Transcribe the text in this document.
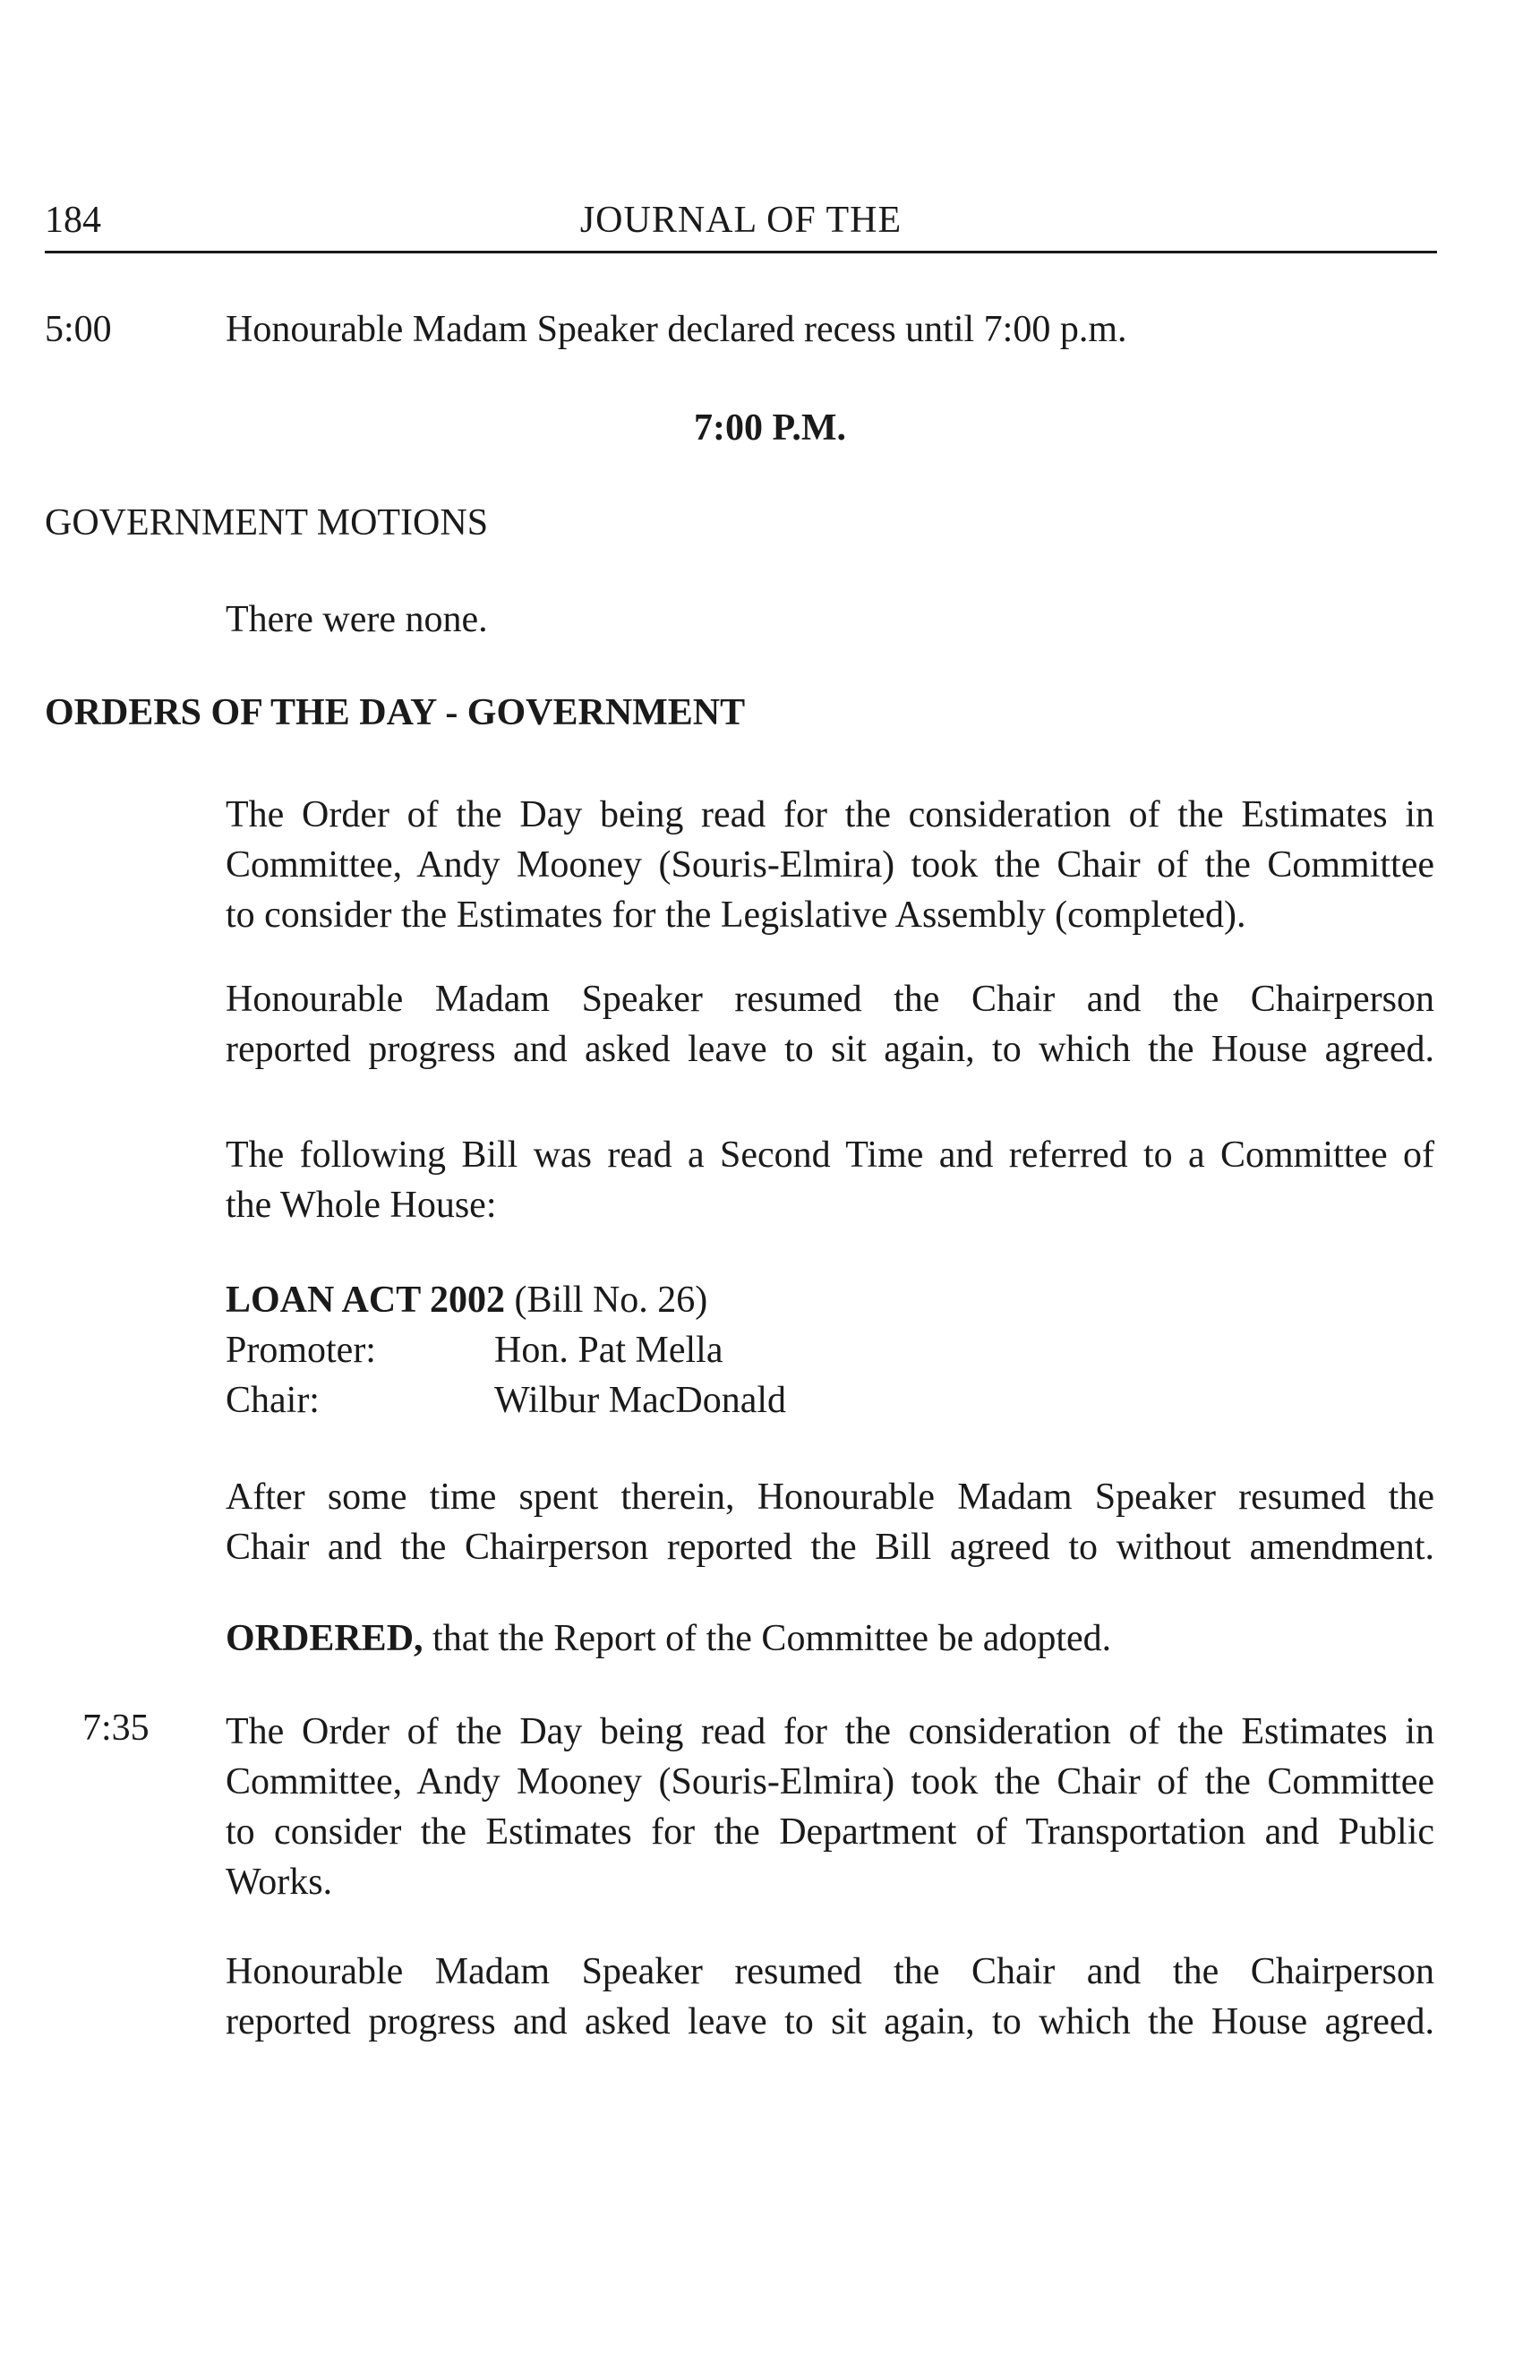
184	JOURNAL OF THE
5:00	Honourable Madam Speaker declared recess until 7:00 p.m.
7:00 P.M.
GOVERNMENT MOTIONS
There were none.
ORDERS OF THE DAY - GOVERNMENT
The Order of the Day being read for the consideration of the Estimates in
Committee, Andy Mooney (Souris-Elmira) took the Chair of the Committee
to consider the Estimates for the Legislative Assembly (completed).
Honourable Madam Speaker resumed the Chair and the Chairperson
reported progress and asked leave to sit again, to which the House agreed.
The following Bill was read a Second Time and referred to a Committee of
the Whole House:
LOAN ACT 2002 (Bill No. 26)
Promoter:	Hon. Pat Mella
Chair:	Wilbur MacDonald
After some time spent therein, Honourable Madam Speaker resumed the
Chair and the Chairperson reported the Bill agreed to without amendment.
ORDERED, that the Report of the Committee be adopted.
7:35 The Order of the Day being read for the consideration of the Estimates in
Committee, Andy Mooney (Souris-Elmira) took the Chair of the Committee
to consider the Estimates for the Department of Transportation and Public
Works.
Honourable Madam Speaker resumed the Chair and the Chairperson
reported progress and asked leave to sit again, to which the House agreed.
